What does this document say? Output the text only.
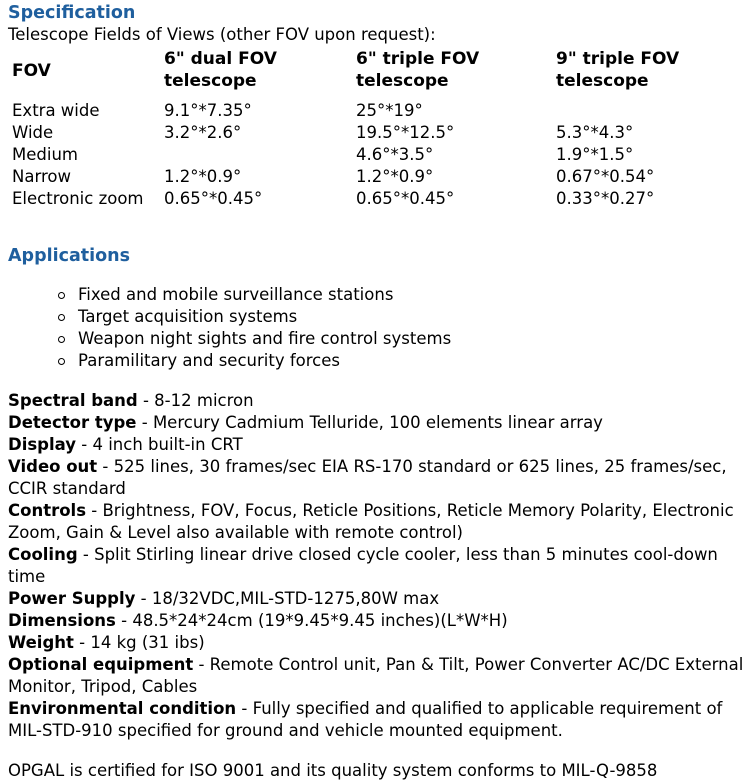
Specification
Telescope Fields of Views (other FOV upon request):
FOV	6" dual FOV telescope	6" triple FOV telescope	9" triple FOV telescope
Extra wide	9.1°*7.35°	25°*19°	
Wide	3.2°*2.6°	19.5°*12.5°	5.3°*4.3°
Medium		4.6°*3.5°	1.9°*1.5°
Narrow	1.2°*0.9°	1.2°*0.9°	0.67°*0.54°
Electronic zoom	0.65°*0.45°	0.65°*0.45°	0.33°*0.27°
Applications
Fixed and mobile surveillance stations
Target acquisition systems
Weapon night sights and fire control systems
Paramilitary and security forces

Spectral band - 8-12 micron

Detector type - Mercury Cadmium Telluride, 100 elements linear array

Display - 4 inch built-in CRT

Video out - 525 lines, 30 frames/sec EIA RS-170 standard or 625 lines, 25 frames/sec, CCIR standard

Controls - Brightness, FOV, Focus, Reticle Positions, Reticle Memory Polarity, Electronic Zoom, Gain & Level also available with remote control)

Cooling - Split Stirling linear drive closed cycle cooler, less than 5 minutes cool-down time

Power Supply - 18/32VDC,MIL-STD-1275,80W max

Dimensions - 48.5*24*24cm (19*9.45*9.45 inches)(L*W*H)

Weight - 14 kg (31 ibs)

Optional equipment - Remote Control unit, Pan & Tilt, Power Converter AC/DC External Monitor, Tripod, Cables

Environmental condition - Fully specified and qualified to applicable requirement of MIL-STD-910 specified for ground and vehicle mounted equipment.

OPGAL is certified for ISO 9001 and its quality system conforms to MIL-Q-9858
